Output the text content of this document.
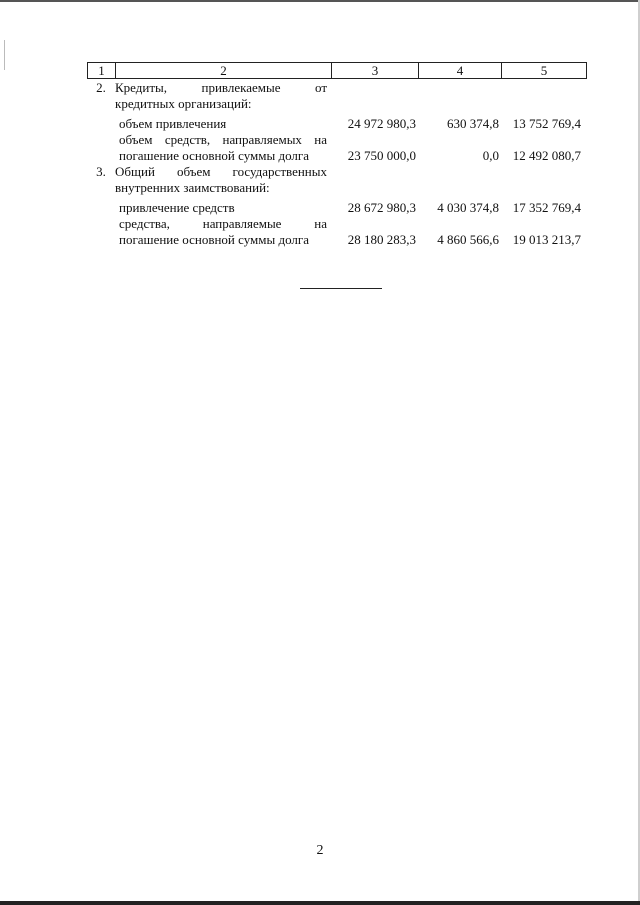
1	2	3	4	5
2. Кредиты, привлекаемые от кредитных организаций:
объем привлечения	24 972 980,3	630 374,8	13 752 769,4
объем средств, направляемых на погашение основной суммы долга	23 750 000,0	0,0	12 492 080,7
3. Общий объем государственных внутренних заимствований:
привлечение средств	28 672 980,3	4 030 374,8	17 352 769,4
средства, направляемые на погашение основной суммы долга	28 180 283,3	4 860 566,6	19 013 213,7
2
